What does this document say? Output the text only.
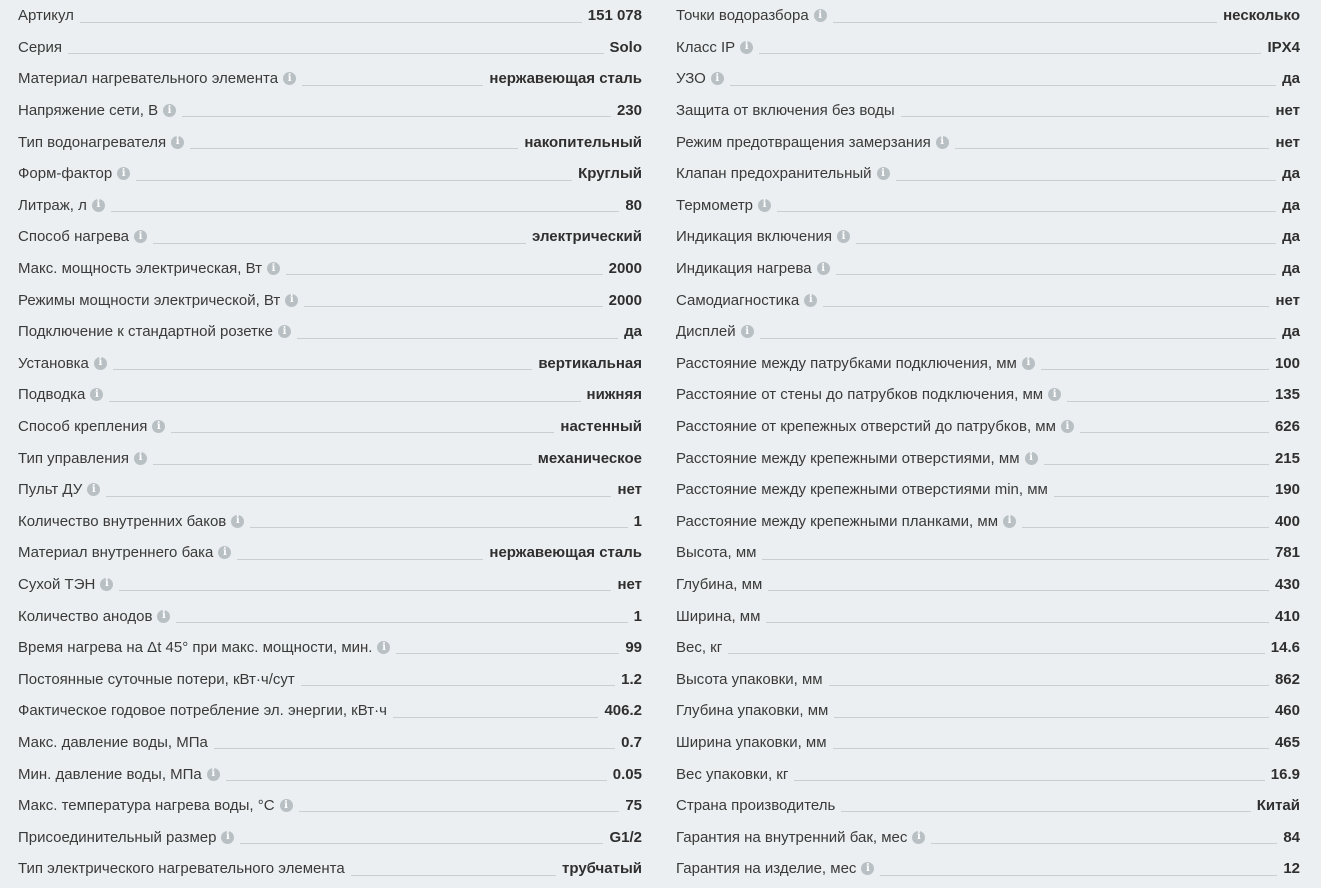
Артикул	151 078
Серия	Solo
Материал нагревательного элемента i	нержавеющая сталь
Напряжение сети, В i	230
Тип водонагревателя i	накопительный
Форм-фактор i	Круглый
Литраж, л i	80
Способ нагрева i	электрический
Макс. мощность электрическая, Вт i	2000
Режимы мощности электрической, Вт i	2000
Подключение к стандартной розетке i	да
Установка i	вертикальная
Подводка i	нижняя
Способ крепления i	настенный
Тип управления i	механическое
Пульт ДУ i	нет
Количество внутренних баков i	1
Материал внутреннего бака i	нержавеющая сталь
Сухой ТЭН i	нет
Количество анодов i	1
Время нагрева на Δt 45° при макс. мощности, мин. i	99
Постоянные суточные потери, кВт·ч/сут	1.2
Фактическое годовое потребление эл. энергии, кВт·ч	406.2
Макс. давление воды, МПа	0.7
Мин. давление воды, МПа i	0.05
Макс. температура нагрева воды, °С i	75
Присоединительный размер i	G1/2
Тип электрического нагревательного элемента	трубчатый
Точки водоразбора i	несколько
Класс IP i	IPX4
УЗО i	да
Защита от включения без воды	нет
Режим предотвращения замерзания i	нет
Клапан предохранительный i	да
Термометр i	да
Индикация включения i	да
Индикация нагрева i	да
Самодиагностика i	нет
Дисплей i	да
Расстояние между патрубками подключения, мм i	100
Расстояние от стены до патрубков подключения, мм i	135
Расстояние от крепежных отверстий до патрубков, мм i	626
Расстояние между крепежными отверстиями, мм i	215
Расстояние между крепежными отверстиями min, мм	190
Расстояние между крепежными планками, мм i	400
Высота, мм	781
Глубина, мм	430
Ширина, мм	410
Вес, кг	14.6
Высота упаковки, мм	862
Глубина упаковки, мм	460
Ширина упаковки, мм	465
Вес упаковки, кг	16.9
Страна производитель	Китай
Гарантия на внутренний бак, мес i	84
Гарантия на изделие, мес i	12
